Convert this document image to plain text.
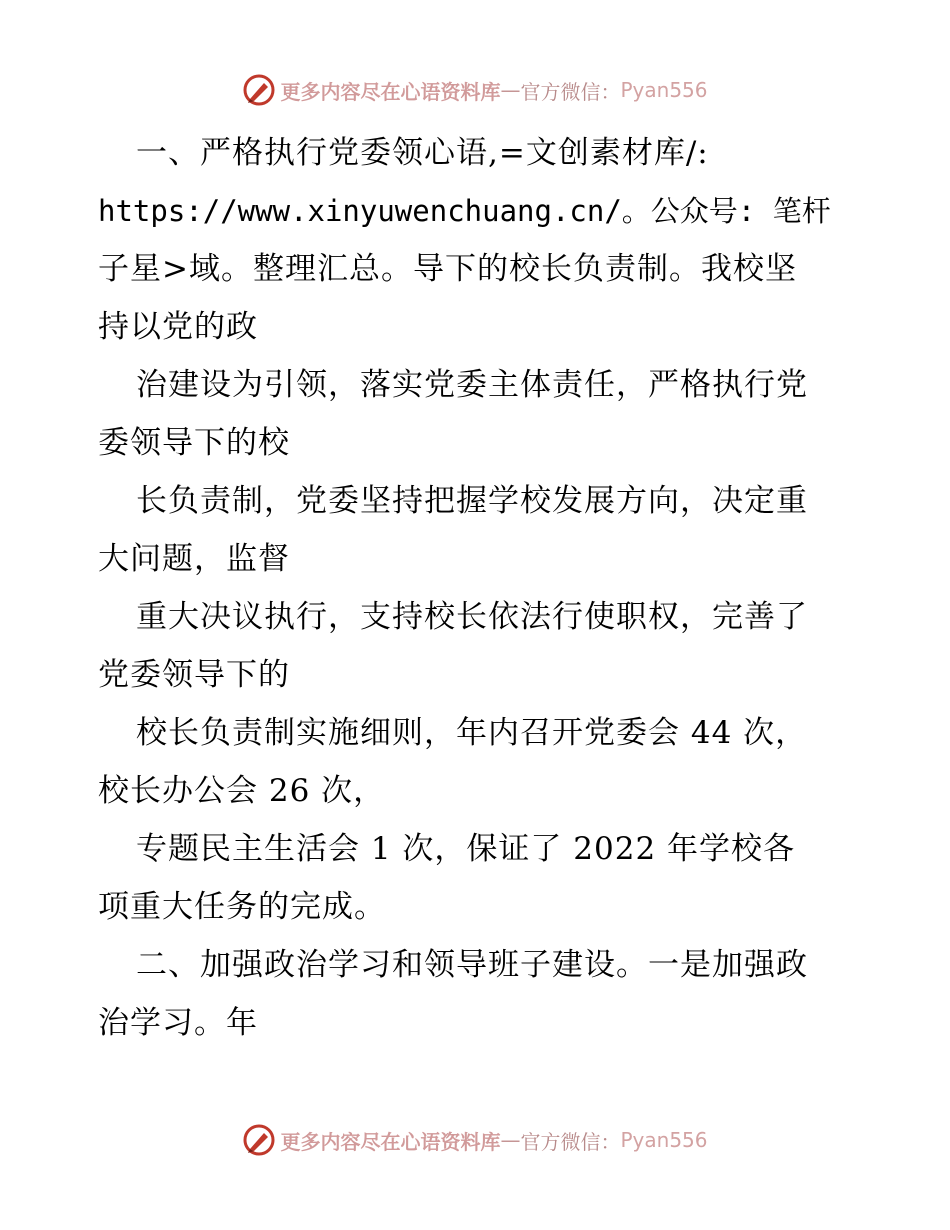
更多内容尽在心语资料库 — 官方微信： Pyan556
一、严格执行党委领心语,=文创素材库/:
https://www.xinyuwenchuang.cn/。公众号: 笔杆
子星>域。整理汇总。导下的校长负责制。我校坚
持以党的政
治建设为引领，落实党委主体责任，严格执行党
委领导下的校
长负责制，党委坚持把握学校发展方向，决定重
大问题，监督
重大决议执行，支持校长依法行使职权，完善了
党委领导下的
校长负责制实施细则，年内召开党委会 44 次，
校长办公会 26 次，
专题民主生活会 1 次，保证了 2022 年学校各
项重大任务的完成。
二、加强政治学习和领导班子建设。一是加强政
治学习。年
更多内容尽在心语资料库 — 官方微信： Pyan556
